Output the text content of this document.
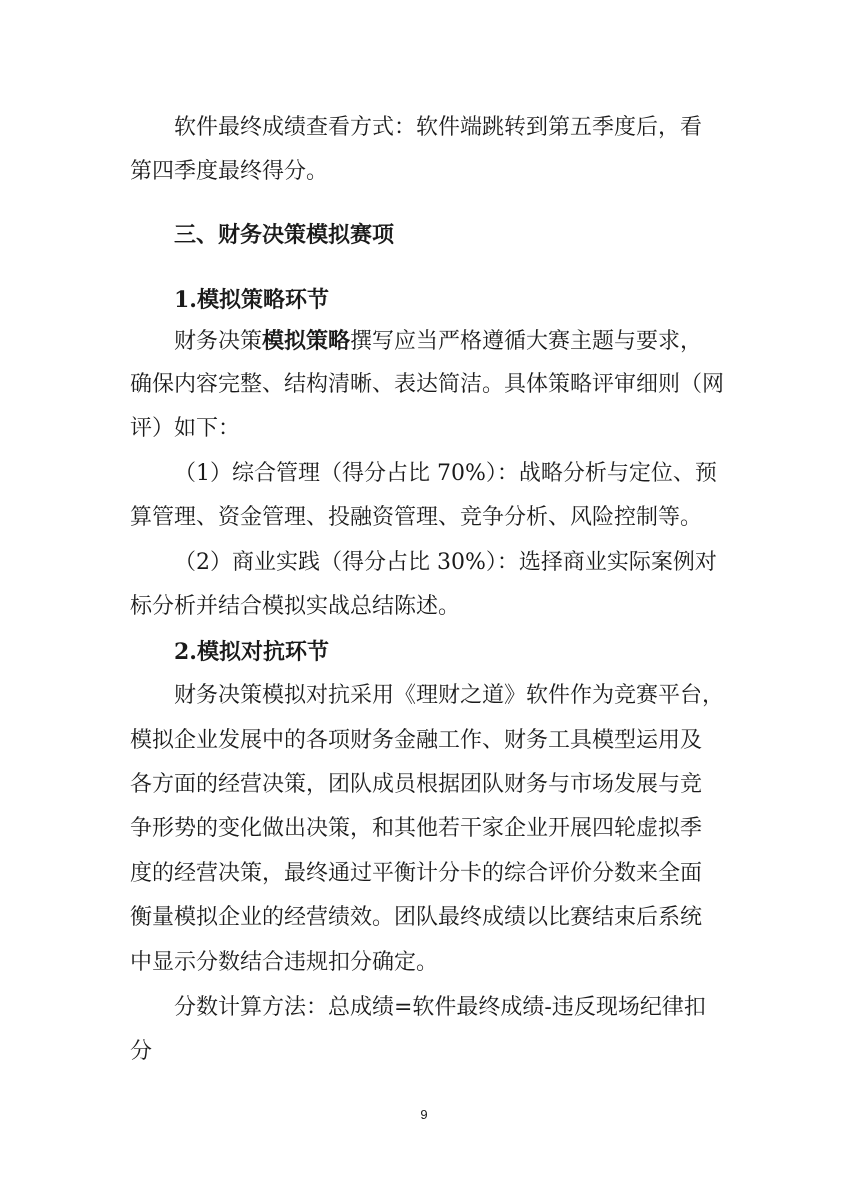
软件最终成绩查看方式：软件端跳转到第五季度后，看
第四季度最终得分。
三、财务决策模拟赛项
1.模拟策略环节
财务决策模拟策略撰写应当严格遵循大赛主题与要求，
确保内容完整、结构清晰、表达简洁。具体策略评审细则（网
评）如下：
（1）综合管理（得分占比 70%）：战略分析与定位、预
算管理、资金管理、投融资管理、竞争分析、风险控制等。
（2）商业实践（得分占比 30%）：选择商业实际案例对
标分析并结合模拟实战总结陈述。
2.模拟对抗环节
财务决策模拟对抗采用《理财之道》软件作为竞赛平台，
模拟企业发展中的各项财务金融工作、财务工具模型运用及
各方面的经营决策，团队成员根据团队财务与市场发展与竞
争形势的变化做出决策，和其他若干家企业开展四轮虚拟季
度的经营决策，最终通过平衡计分卡的综合评价分数来全面
衡量模拟企业的经营绩效。团队最终成绩以比赛结束后系统
中显示分数结合违规扣分确定。
分数计算方法：总成绩=软件最终成绩-违反现场纪律扣
分
9
